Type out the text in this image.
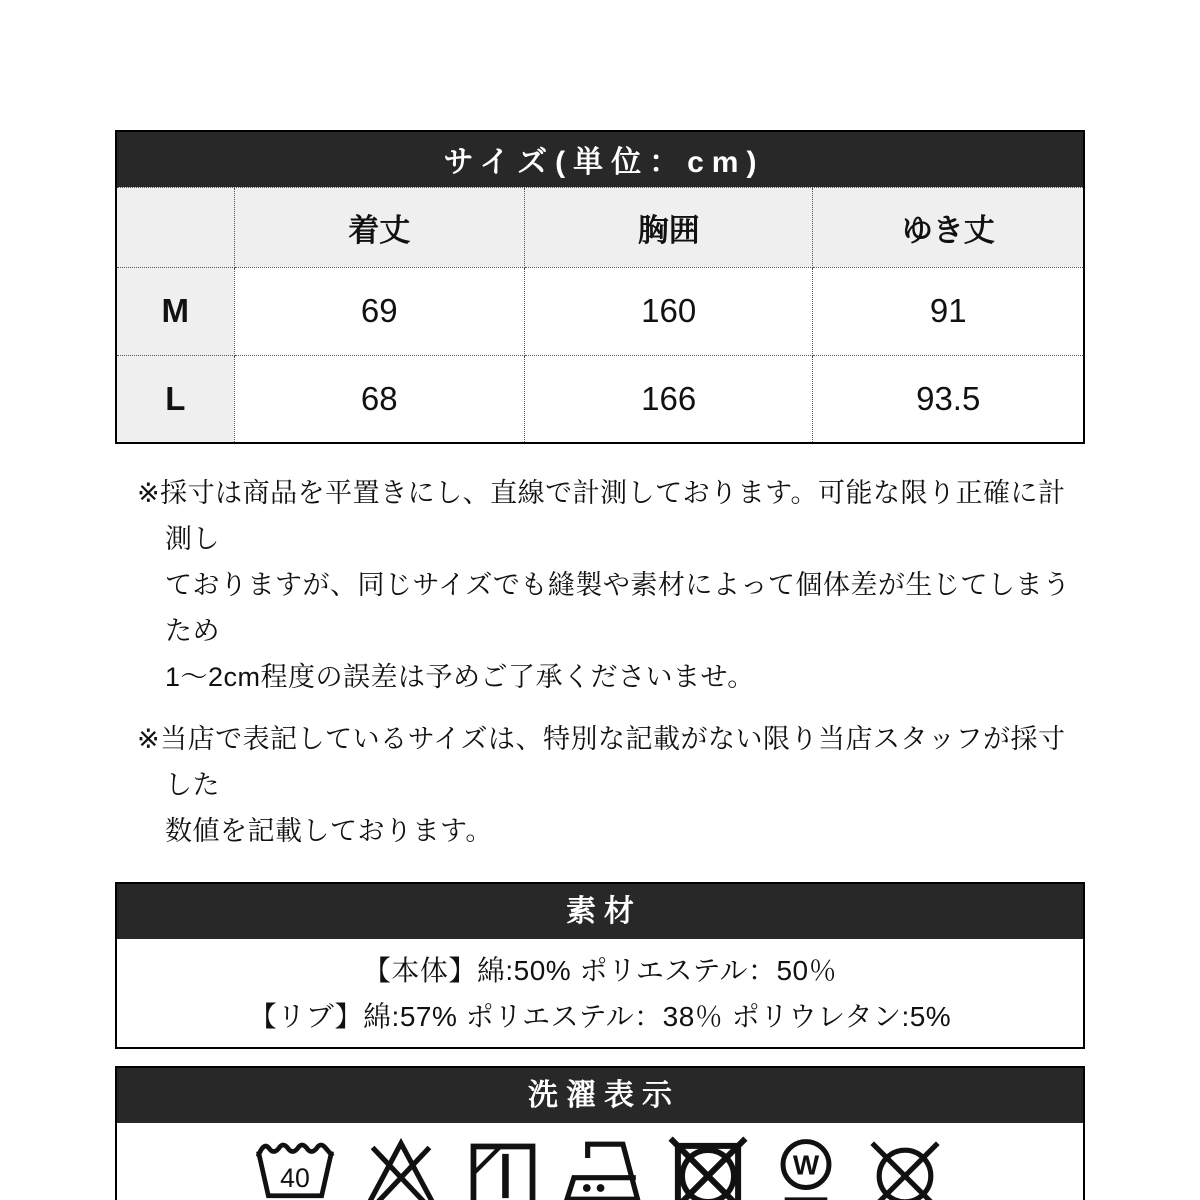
サイズ(単位：cm)			
	着丈	胸囲	ゆき丈
M	69	160	91
L	68	166	93.5
※採寸は商品を平置きにし、直線で計測しております。可能な限り正確に計測し
ておりますが、同じサイズでも縫製や素材によって個体差が生じてしまうため
1〜2cm程度の誤差は予めご了承くださいませ。
※当店で表記しているサイズは、特別な記載がない限り当店スタッフが採寸した
数値を記載しております。
素材
【本体】綿:50% ポリエステル：50％
【リブ】綿:57% ポリエステル：38％ ポリウレタン:5%
洗濯表示
40	W
